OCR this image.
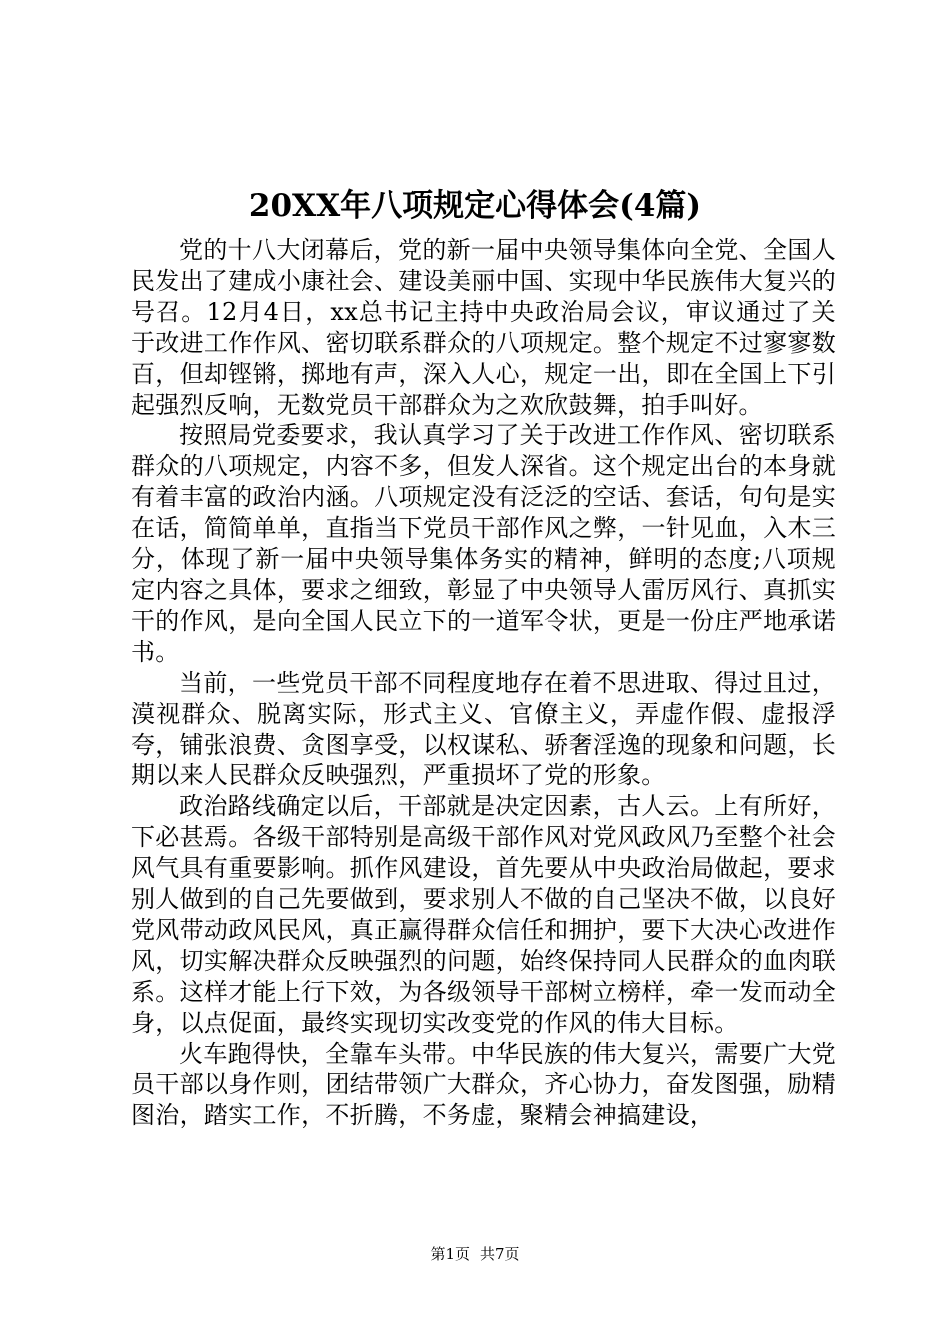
20XX年八项规定心得体会(4篇)

党的十八大闭幕后，党的新一届中央领导集体向全党、全国人民发出了建成小康社会、建设美丽中国、实现中华民族伟大复兴的号召。12月4日，xx总书记主持中央政治局会议，审议通过了关于改进工作作风、密切联系群众的八项规定。整个规定不过寥寥数百，但却铿锵，掷地有声，深入人心，规定一出，即在全国上下引起强烈反响，无数党员干部群众为之欢欣鼓舞，拍手叫好。

按照局党委要求，我认真学习了关于改进工作作风、密切联系群众的八项规定，内容不多，但发人深省。这个规定出台的本身就有着丰富的政治内涵。八项规定没有泛泛的空话、套话，句句是实在话，简简单单，直指当下党员干部作风之弊，一针见血，入木三分，体现了新一届中央领导集体务实的精神，鲜明的态度;八项规定内容之具体，要求之细致，彰显了中央领导人雷厉风行、真抓实干的作风，是向全国人民立下的一道军令状，更是一份庄严地承诺书。

当前，一些党员干部不同程度地存在着不思进取、得过且过，漠视群众、脱离实际，形式主义、官僚主义，弄虚作假、虚报浮夸，铺张浪费、贪图享受，以权谋私、骄奢淫逸的现象和问题，长期以来人民群众反映强烈，严重损坏了党的形象。

政治路线确定以后，干部就是决定因素，古人云。上有所好，下必甚焉。各级干部特别是高级干部作风对党风政风乃至整个社会风气具有重要影响。抓作风建设，首先要从中央政治局做起，要求别人做到的自己先要做到，要求别人不做的自己坚决不做，以良好党风带动政风民风，真正赢得群众信任和拥护，要下大决心改进作风，切实解决群众反映强烈的问题，始终保持同人民群众的血肉联系。这样才能上行下效，为各级领导干部树立榜样，牵一发而动全身，以点促面，最终实现切实改变党的作风的伟大目标。

火车跑得快，全靠车头带。中华民族的伟大复兴，需要广大党员干部以身作则，团结带领广大群众，齐心协力，奋发图强，励精图治，踏实工作，不折腾，不务虚，聚精会神搞建设，

第1页 共7页
